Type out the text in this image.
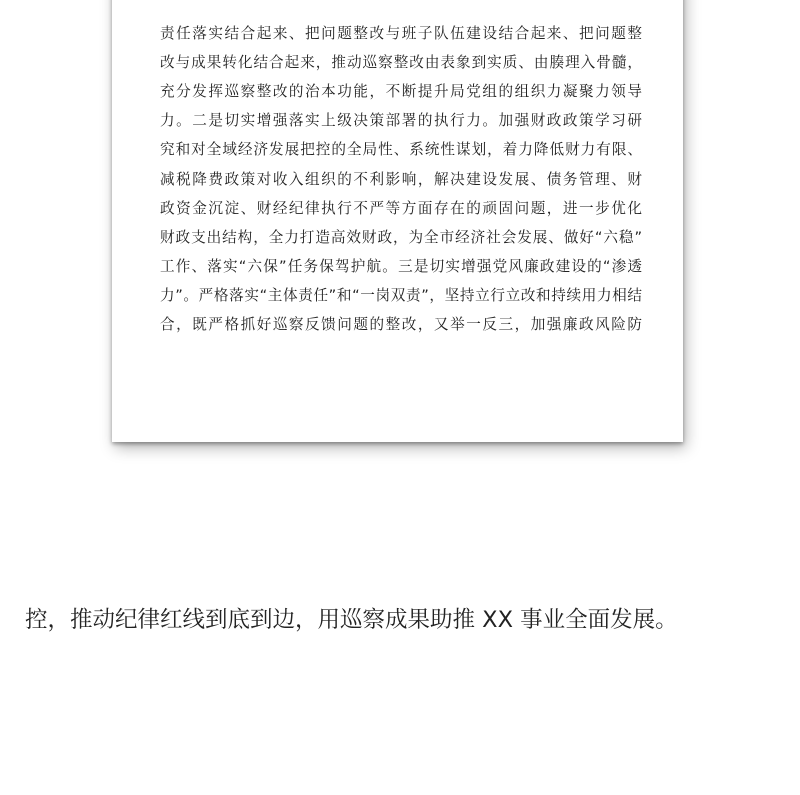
责任落实结合起来、把问题整改与班子队伍建设结合起来、把问题整
改与成果转化结合起来，推动巡察整改由表象到实质、由腠理入骨髓，
充分发挥巡察整改的治本功能，不断提升局党组的组织力凝聚力领导
力。二是切实增强落实上级决策部署的执行力。加强财政政策学习研
究和对全域经济发展把控的全局性、系统性谋划，着力降低财力有限、
减税降费政策对收入组织的不利影响，解决建设发展、债务管理、财
政资金沉淀、财经纪律执行不严等方面存在的顽固问题，进一步优化
财政支出结构，全力打造高效财政，为全市经济社会发展、做好“六稳”
工作、落实“六保”任务保驾护航。三是切实增强党风廉政建设的“渗透
力”。严格落实“主体责任”和“一岗双责”，坚持立行立改和持续用力相结
合，既严格抓好巡察反馈问题的整改，又举一反三，加强廉政风险防

控，推动纪律红线到底到边，用巡察成果助推 XX 事业全面发展。
